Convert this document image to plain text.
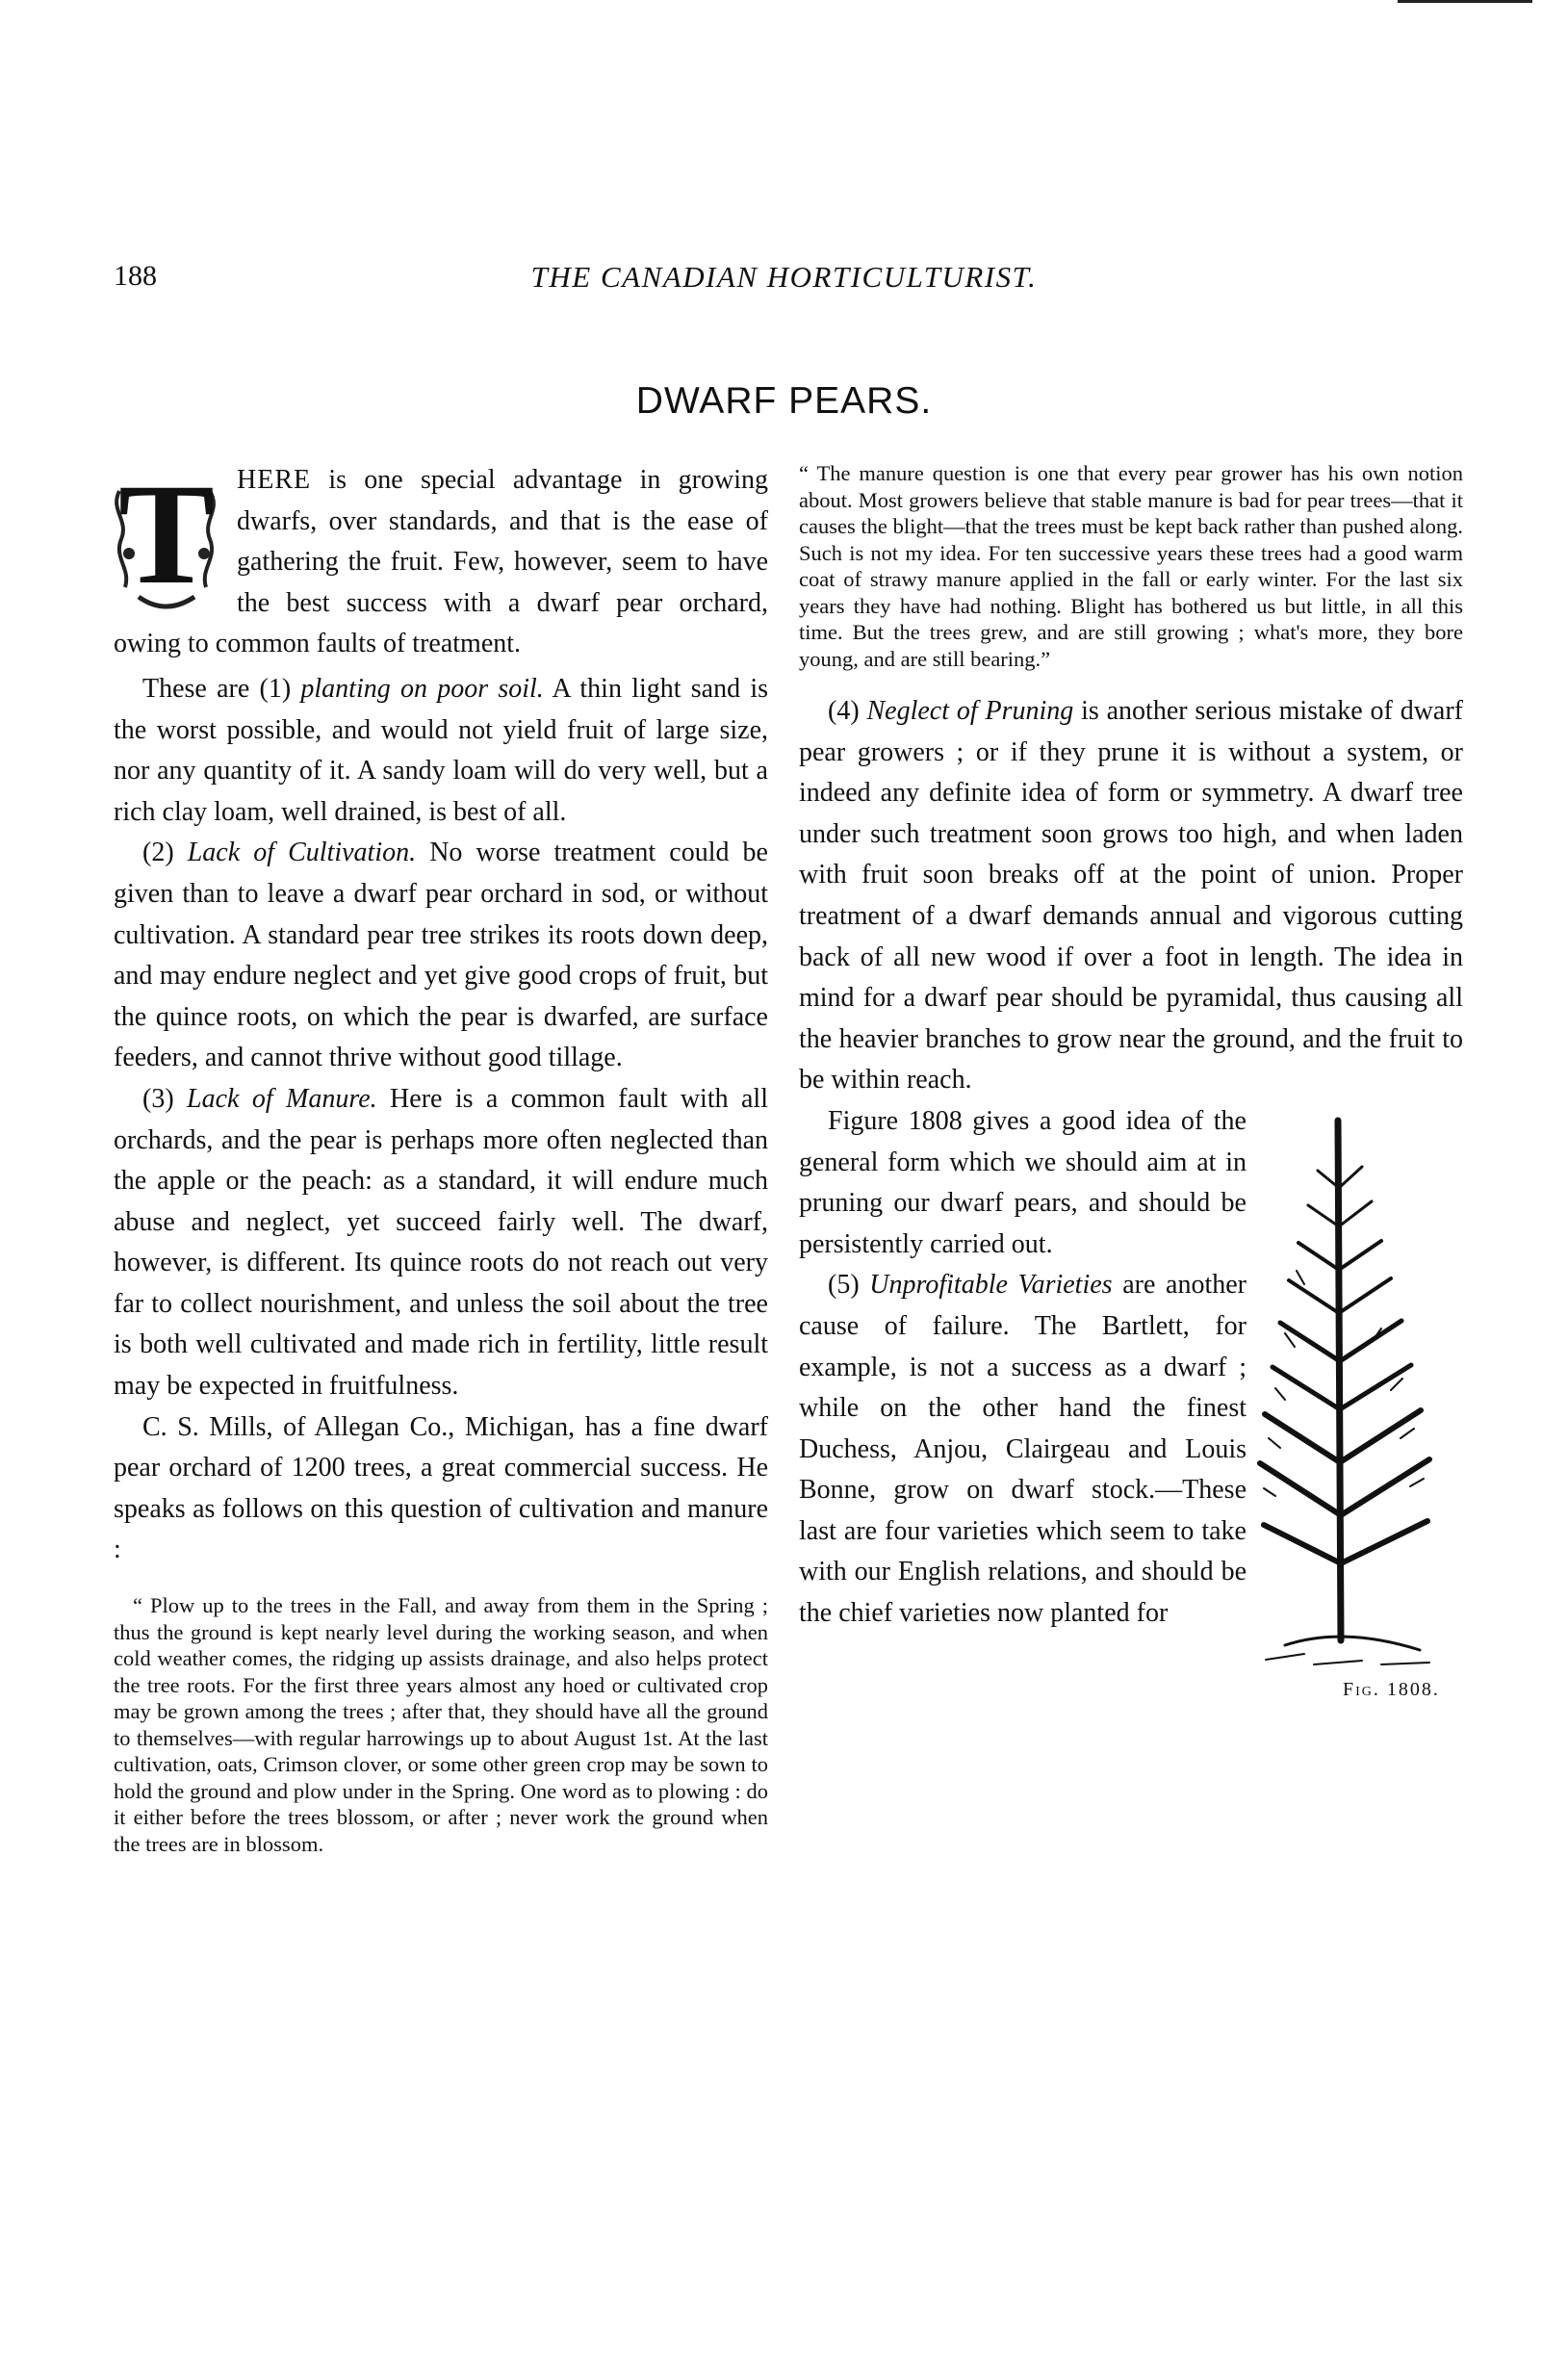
188	THE CANADIAN HORTICULTURIST.
DWARF PEARS.

T HERE is one special advantage in growing dwarfs, over standards, and that is the ease of gathering the fruit. Few, however, seem to have the best success with a dwarf pear orchard, owing to common faults of treatment.

These are (1) planting on poor soil. A thin light sand is the worst possible, and would not yield fruit of large size, nor any quantity of it. A sandy loam will do very well, but a rich clay loam, well drained, is best of all.

(2) Lack of Cultivation. No worse treatment could be given than to leave a dwarf pear orchard in sod, or without cultivation. A standard pear tree strikes its roots down deep, and may endure neglect and yet give good crops of fruit, but the quince roots, on which the pear is dwarfed, are surface feeders, and cannot thrive without good tillage.

(3) Lack of Manure. Here is a common fault with all orchards, and the pear is perhaps more often neglected than the apple or the peach: as a standard, it will endure much abuse and neglect, yet succeed fairly well. The dwarf, however, is different. Its quince roots do not reach out very far to collect nourishment, and unless the soil about the tree is both well cultivated and made rich in fertility, little result may be expected in fruitfulness.

C. S. Mills, of Allegan Co., Michigan, has a fine dwarf pear orchard of 1200 trees, a great commercial success. He speaks as follows on this question of cultivation and manure :

“ Plow up to the trees in the Fall, and away from them in the Spring ; thus the ground is kept nearly level during the working season, and when cold weather comes, the ridging up assists drainage, and also helps protect the tree roots. For the first three years almost any hoed or cultivated crop may be grown among the trees ; after that, they should have all the ground to themselves—with regular harrowings up to about August 1st. At the last cultivation, oats, Crimson clover, or some other green crop may be sown to hold the ground and plow under in the Spring. One word as to plowing : do it either before the trees blossom, or after ; never work the ground when the trees are in blossom.

“ The manure question is one that every pear grower has his own notion about. Most growers believe that stable manure is bad for pear trees—that it causes the blight—that the trees must be kept back rather than pushed along. Such is not my idea. For ten successive years these trees had a good warm coat of strawy manure applied in the fall or early winter. For the last six years they have had nothing. Blight has bothered us but little, in all this time. But the trees grew, and are still growing ; what's more, they bore young, and are still bearing.”

(4) Neglect of Pruning is another serious mistake of dwarf pear growers ; or if they prune it is without a system, or indeed any definite idea of form or symmetry. A dwarf tree under such treatment soon grows too high, and when laden with fruit soon breaks off at the point of union. Proper treatment of a dwarf demands annual and vigorous cutting back of all new wood if over a foot in length. The idea in mind for a dwarf pear should be pyramidal, thus causing all the heavier branches to grow near the ground, and the fruit to be within reach.

Fig. 1808.

Figure 1808 gives a good idea of the general form which we should aim at in pruning our dwarf pears, and should be persistently carried out.

(5) Unprofitable Varieties are another cause of failure. The Bartlett, for example, is not a success as a dwarf ; while on the other hand the finest Duchess, Anjou, Clairgeau and Louis Bonne, grow on dwarf stock.—These last are four varieties which seem to take with our English relations, and should be the chief varieties now planted for
